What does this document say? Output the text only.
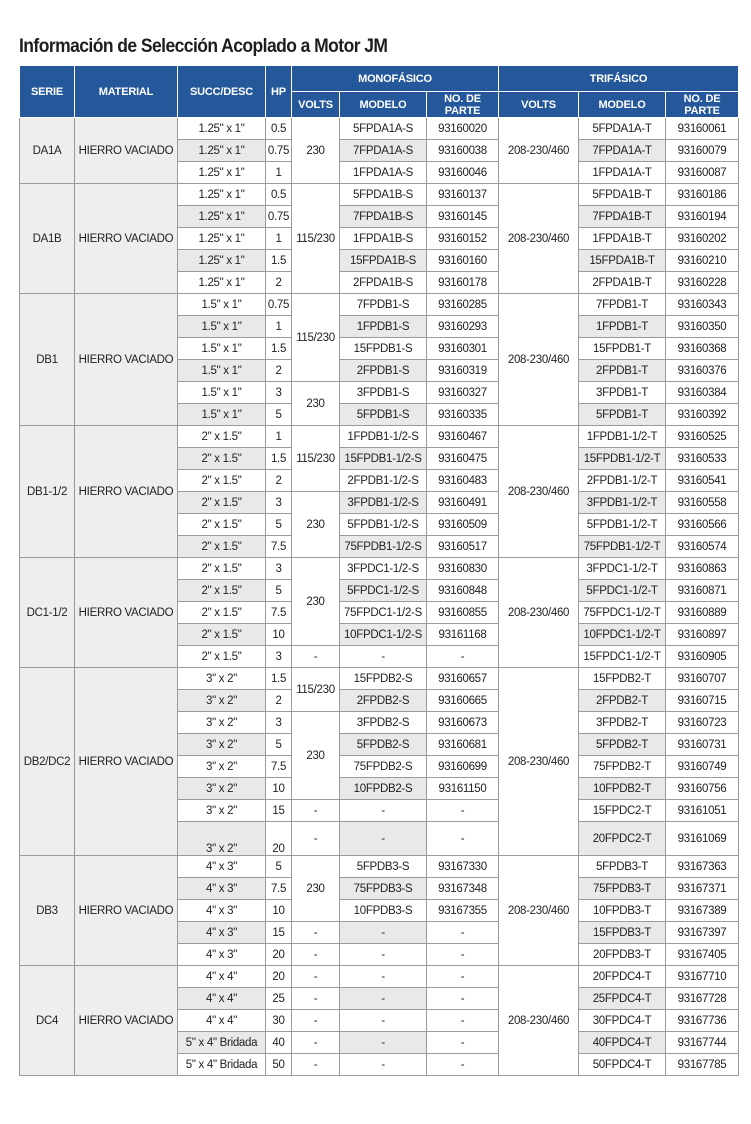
Información de Selección Acoplado a Motor JM
SERIE	MATERIAL	SUCC/DESC	HP	MONOFÁSICO			TRIFÁSICO		
				VOLTS	MODELO	NO. DE PARTE	VOLTS	MODELO	NO. DE PARTE
DA1A	HIERRO VACIADO	1.25" x 1"	0.5	230	5FPDA1A-S	93160020	208-230/460	5FPDA1A-T	93160061
		1.25" x 1"	0.75		7FPDA1A-S	93160038		7FPDA1A-T	93160079
		1.25" x 1"	1		1FPDA1A-S	93160046		1FPDA1A-T	93160087
DA1B	HIERRO VACIADO	1.25" x 1"	0.5	115/230	5FPDA1B-S	93160137	208-230/460	5FPDA1B-T	93160186
		1.25" x 1"	0.75		7FPDA1B-S	93160145		7FPDA1B-T	93160194
		1.25" x 1"	1		1FPDA1B-S	93160152		1FPDA1B-T	93160202
		1.25" x 1"	1.5		15FPDA1B-S	93160160		15FPDA1B-T	93160210
		1.25" x 1"	2		2FPDA1B-S	93160178		2FPDA1B-T	93160228
DB1	HIERRO VACIADO	1.5" x 1"	0.75	115/230	7FPDB1-S	93160285	208-230/460	7FPDB1-T	93160343
		1.5" x 1"	1		1FPDB1-S	93160293		1FPDB1-T	93160350
		1.5" x 1"	1.5		15FPDB1-S	93160301		15FPDB1-T	93160368
		1.5" x 1"	2		2FPDB1-S	93160319		2FPDB1-T	93160376
		1.5" x 1"	3	230	3FPDB1-S	93160327		3FPDB1-T	93160384
		1.5" x 1"	5		5FPDB1-S	93160335		5FPDB1-T	93160392
DB1-1/2	HIERRO VACIADO	2" x 1.5"	1	115/230	1FPDB1-1/2-S	93160467	208-230/460	1FPDB1-1/2-T	93160525
		2" x 1.5"	1.5		15FPDB1-1/2-S	93160475		15FPDB1-1/2-T	93160533
		2" x 1.5"	2		2FPDB1-1/2-S	93160483		2FPDB1-1/2-T	93160541
		2" x 1.5"	3	230	3FPDB1-1/2-S	93160491		3FPDB1-1/2-T	93160558
		2" x 1.5"	5		5FPDB1-1/2-S	93160509		5FPDB1-1/2-T	93160566
		2" x 1.5"	7.5		75FPDB1-1/2-S	93160517		75FPDB1-1/2-T	93160574
DC1-1/2	HIERRO VACIADO	2" x 1.5"	3	230	3FPDC1-1/2-S	93160830	208-230/460	3FPDC1-1/2-T	93160863
		2" x 1.5"	5		5FPDC1-1/2-S	93160848		5FPDC1-1/2-T	93160871
		2" x 1.5"	7.5		75FPDC1-1/2-S	93160855		75FPDC1-1/2-T	93160889
		2" x 1.5"	10		10FPDC1-1/2-S	93161168		10FPDC1-1/2-T	93160897
		2" x 1.5"	3	-	-	-		15FPDC1-1/2-T	93160905
DB2/DC2	HIERRO VACIADO	3" x 2"	1.5	115/230	15FPDB2-S	93160657	208-230/460	15FPDB2-T	93160707
		3" x 2"	2		2FPDB2-S	93160665		2FPDB2-T	93160715
		3" x 2"	3	230	3FPDB2-S	93160673		3FPDB2-T	93160723
		3" x 2"	5		5FPDB2-S	93160681		5FPDB2-T	93160731
		3" x 2"	7.5		75FPDB2-S	93160699		75FPDB2-T	93160749
		3" x 2"	10		10FPDB2-S	93161150		10FPDB2-T	93160756
		3" x 2"	15	-	-	-		15FPDC2-T	93161051
		3" x 2"	20	-	-	-		20FPDC2-T	93161069
DB3	HIERRO VACIADO	4" x 3"	5	230	5FPDB3-S	93167330	208-230/460	5FPDB3-T	93167363
		4" x 3"	7.5		75FPDB3-S	93167348		75FPDB3-T	93167371
		4" x 3"	10		10FPDB3-S	93167355		10FPDB3-T	93167389
		4" x 3"	15	-	-	-		15FPDB3-T	93167397
		4" x 3"	20	-	-	-		20FPDB3-T	93167405
DC4	HIERRO VACIADO	4" x 4"	20	-	-	-	208-230/460	20FPDC4-T	93167710
		4" x 4"	25	-	-	-		25FPDC4-T	93167728
		4" x 4"	30	-	-	-		30FPDC4-T	93167736
		5" x 4" Bridada	40	-	-	-		40FPDC4-T	93167744
		5" x 4" Bridada	50	-	-	-		50FPDC4-T	93167785
